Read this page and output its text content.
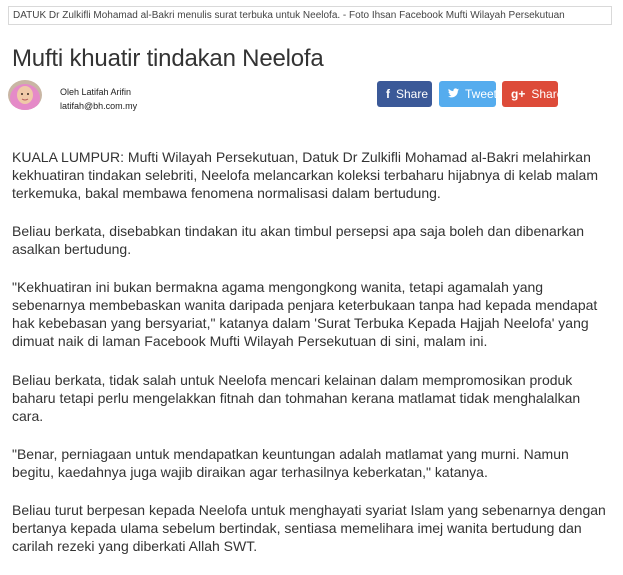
DATUK Dr Zulkifli Mohamad al-Bakri menulis surat terbuka untuk Neelofa. - Foto Ihsan Facebook Mufti Wilayah Persekutuan
Mufti khuatir tindakan Neelofa
Oleh Latifah Arifin
latifah@bh.com.my
f Share	Tweet g+ Share

KUALA LUMPUR: Mufti Wilayah Persekutuan, Datuk Dr Zulkifli Mohamad al-Bakri melahirkan kekhuatiran tindakan selebriti, Neelofa melancarkan koleksi terbaharu hijabnya di kelab malam terkemuka, bakal membawa fenomena normalisasi dalam bertudung.

Beliau berkata, disebabkan tindakan itu akan timbul persepsi apa saja boleh dan dibenarkan asalkan bertudung.

"Kekhuatiran ini bukan bermakna agama mengongkong wanita, tetapi agamalah yang sebenarnya membebaskan wanita daripada penjara keterbukaan tanpa had kepada mendapat hak kebebasan yang bersyariat," katanya dalam 'Surat Terbuka Kepada Hajjah Neelofa' yang dimuat naik di laman Facebook Mufti Wilayah Persekutuan di sini, malam ini.

Beliau berkata, tidak salah untuk Neelofa mencari kelainan dalam mempromosikan produk baharu tetapi perlu mengelakkan fitnah dan tohmahan kerana matlamat tidak menghalalkan cara.

"Benar, perniagaan untuk mendapatkan keuntungan adalah matlamat yang murni. Namun begitu, kaedahnya juga wajib diraikan agar terhasilnya keberkatan," katanya.

Beliau turut berpesan kepada Neelofa untuk menghayati syariat Islam yang sebenarnya dengan bertanya kepada ulama sebelum bertindak, sentiasa memelihara imej wanita bertudung dan carilah rezeki yang diberkati Allah SWT.
